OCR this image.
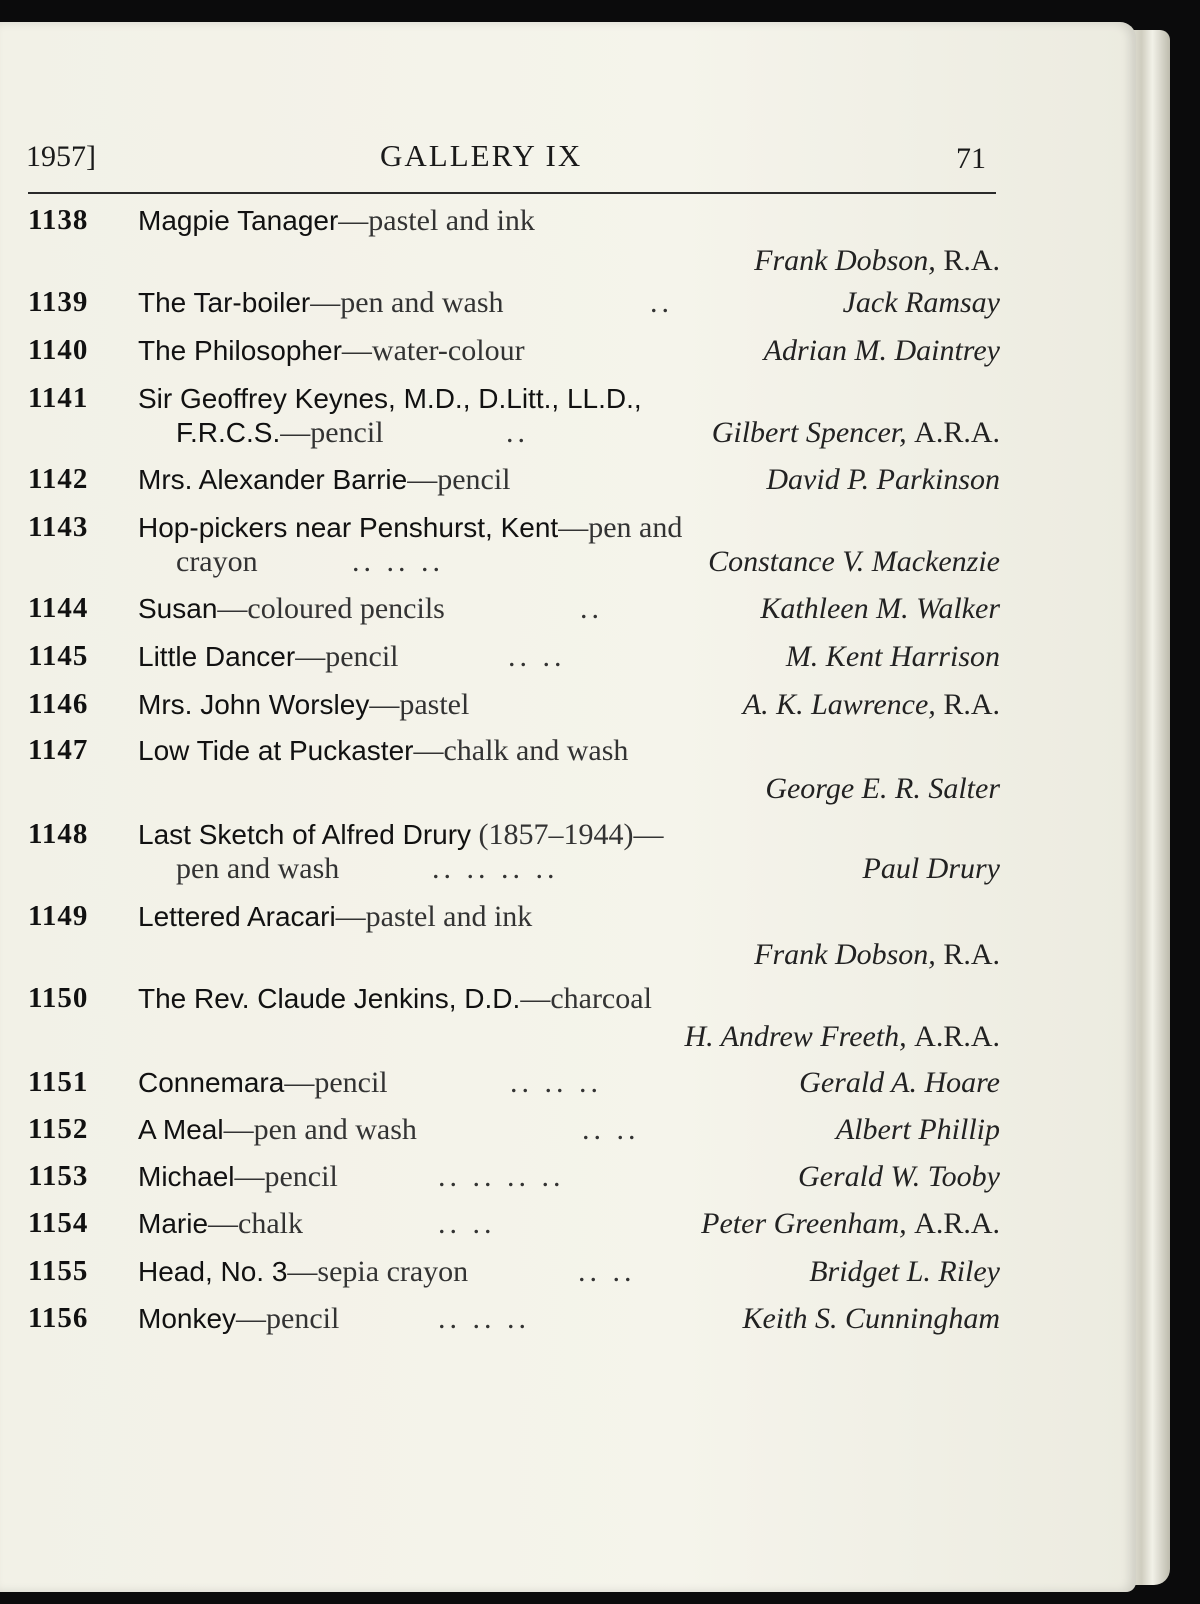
1957]	GALLERY IX	71
1138 Magpie Tanager—pastel and ink
Frank Dobson, R.A.
1139 The Tar-boiler—pen and wash	..	Jack Ramsay
1140 The Philosopher—water-colour	Adrian M. Daintrey
1141 Sir Geoffrey Keynes, M.D., D.Litt., LL.D.,
F.R.C.S.—pencil	..	Gilbert Spencer, A.R.A.
1142 Mrs. Alexander Barrie—pencil	David P. Parkinson
1143 Hop-pickers near Penshurst, Kent—pen and
crayon	.. .. ..	Constance V. Mackenzie
1144 Susan—coloured pencils	..	Kathleen M. Walker
1145 Little Dancer—pencil	.. ..	M. Kent Harrison
1146 Mrs. John Worsley—pastel	A. K. Lawrence, R.A.
1147 Low Tide at Puckaster—chalk and wash
George E. R. Salter
1148 Last Sketch of Alfred Drury (1857–1944)—
pen and wash	.. .. .. ..	Paul Drury
1149 Lettered Aracari—pastel and ink
Frank Dobson, R.A.
1150 The Rev. Claude Jenkins, D.D.—charcoal
H. Andrew Freeth, A.R.A.
1151 Connemara—pencil	.. .. ..	Gerald A. Hoare
1152 A Meal—pen and wash	.. ..	Albert Phillip
1153 Michael—pencil	.. .. .. ..	Gerald W. Tooby
1154 Marie—chalk	.. ..	Peter Greenham, A.R.A.
1155 Head, No. 3—sepia crayon	.. ..	Bridget L. Riley
1156 Monkey—pencil	.. .. ..	Keith S. Cunningham
